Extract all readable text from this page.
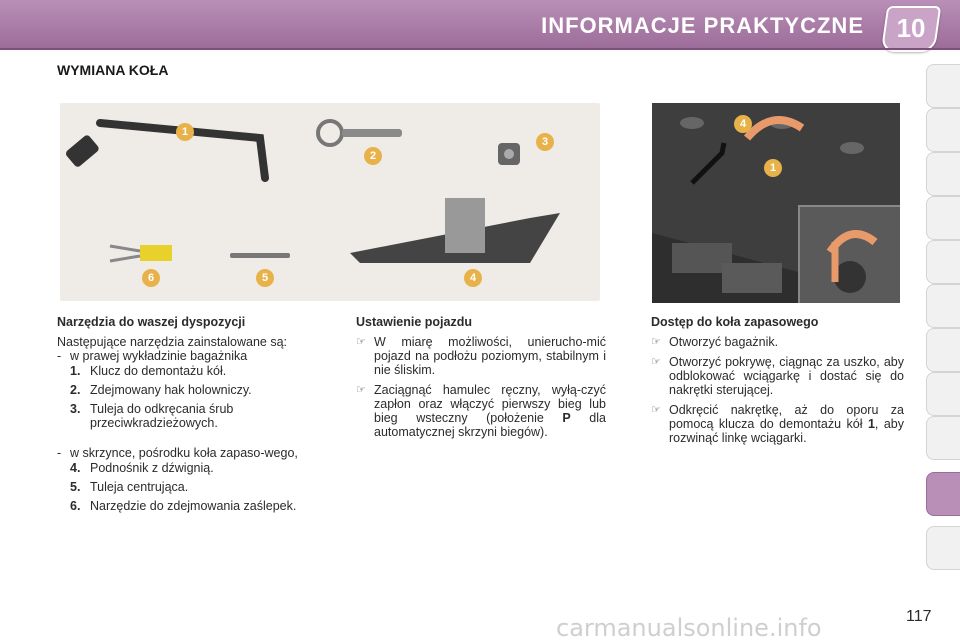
INFORMACJE PRAKTYCZNE	10
WYMIANA KOŁA
1
2
3
4
5
6
4
1

Narzędzia do waszej dyspozycji

Następujące narzędzia zainstalowane są:

- w prawej wykładzinie bagażnika

1. Klucz do demontażu kół.

2. Zdejmowany hak holowniczy.

3. Tuleja do odkręcania śrub przeciwkradzieżowych.

- w skrzynce, pośrodku koła zapaso-wego,

4. Podnośnik z dźwignią.

5. Tuleja centrująca.

6. Narzędzie do zdejmowania zaślepek.

Ustawienie pojazdu

☞ W miarę możliwości, unierucho-mić pojazd na podłożu poziomym, stabilnym i nie śliskim.

☞ Zaciągnąć hamulec ręczny, wyłą-czyć zapłon oraz włączyć pierwszy bieg lub bieg wsteczny (położenie P dla automatycznej skrzyni biegów).

Dostęp do koła zapasowego

☞ Otworzyć bagażnik.

☞ Otworzyć pokrywę, ciągnąc za uszko, aby odblokować wciągarkę i dostać się do nakrętki sterującej.

☞ Odkręcić nakrętkę, aż do oporu za pomocą klucza do demontażu kół 1, aby rozwinąć linkę wciągarki.

carmanualsonline.info	117
